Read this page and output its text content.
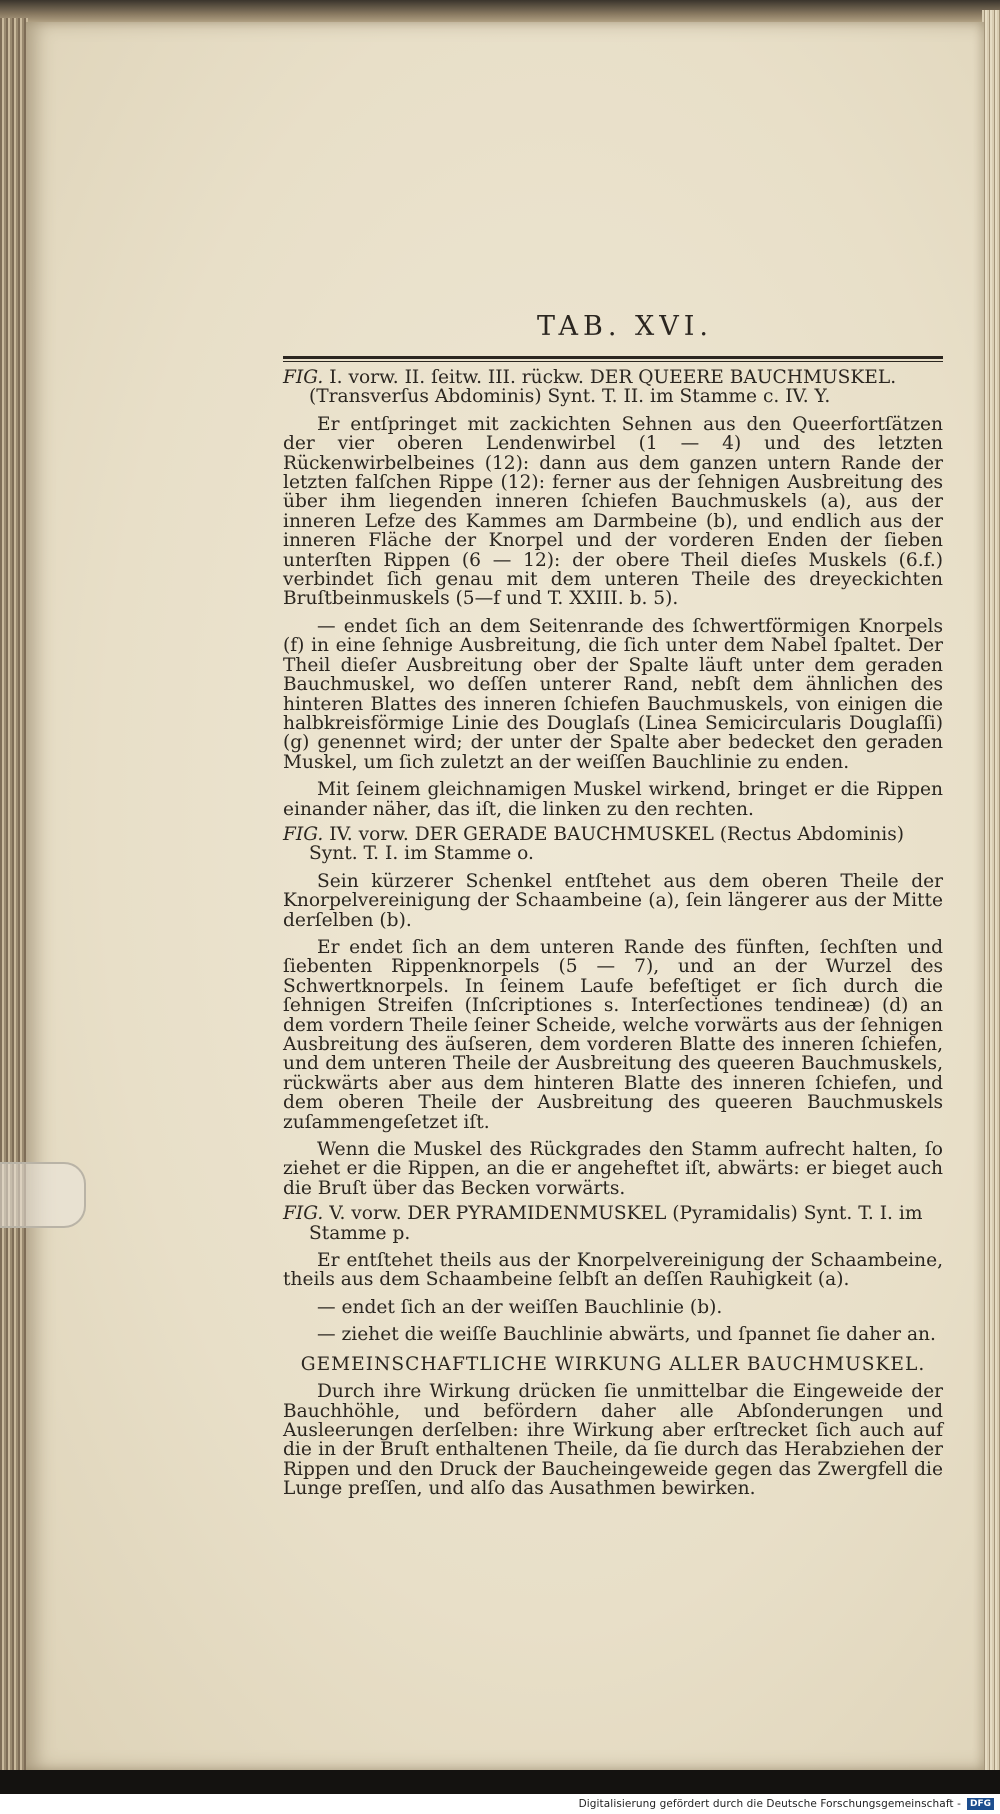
TAB. XVI.
FIG. I. vorw. II. ſeitw. III. rückw. DER QUEERE BAUCHMUSKEL.
(Transverſus Abdominis) Synt. T. II. im Stamme c. IV. Y.

Er entſpringet mit zackichten Sehnen aus den Queerfortſätzen der vier oberen Lendenwirbel (1 — 4) und des letzten Rückenwirbelbeines (12): dann aus dem ganzen untern Rande der letzten falſchen Rippe (12): ferner aus der ſehnigen Ausbreitung des über ihm liegenden inneren ſchiefen Bauchmuskels (a), aus der inneren Lefze des Kammes am Darmbeine (b), und endlich aus der inneren Fläche der Knorpel und der vorderen Enden der ſieben unterſten Rippen (6 — 12): der obere Theil dieſes Muskels (6.f.) verbindet ſich genau mit dem unteren Theile des dreyeckichten Bruſtbeinmuskels (5—f und T. XXIII. b. 5).

— endet ſich an dem Seitenrande des ſchwertförmigen Knorpels (f) in eine ſehnige Ausbreitung, die ſich unter dem Nabel ſpaltet. Der Theil dieſer Ausbreitung ober der Spalte läuft unter dem geraden Bauchmuskel, wo deſſen unterer Rand, nebſt dem ähnlichen des hinteren Blattes des inneren ſchiefen Bauchmuskels, von einigen die halbkreisförmige Linie des Douglaſs (Linea Semicircularis Douglaſſi) (g) genennet wird; der unter der Spalte aber bedecket den geraden Muskel, um ſich zuletzt an der weiſſen Bauchlinie zu enden.

Mit ſeinem gleichnamigen Muskel wirkend, bringet er die Rippen einander näher, das iſt, die linken zu den rechten.

FIG. IV. vorw. DER GERADE BAUCHMUSKEL (Rectus Abdominis)
Synt. T. I. im Stamme o.

Sein kürzerer Schenkel entſtehet aus dem oberen Theile der Knorpelvereinigung der Schaambeine (a), ſein längerer aus der Mitte derſelben (b).

Er endet ſich an dem unteren Rande des fünften, ſechſten und ſiebenten Rippenknorpels (5 — 7), und an der Wurzel des Schwertknorpels. In ſeinem Laufe befeſtiget er ſich durch die ſehnigen Streifen (Inſcriptiones s. Interſectiones tendineæ) (d) an dem vordern Theile ſeiner Scheide, welche vorwärts aus der ſehnigen Ausbreitung des äuſseren, dem vorderen Blatte des inneren ſchiefen, und dem unteren Theile der Ausbreitung des queeren Bauchmuskels, rückwärts aber aus dem hinteren Blatte des inneren ſchiefen, und dem oberen Theile der Ausbreitung des queeren Bauchmuskels zuſammengeſetzet iſt.

Wenn die Muskel des Rückgrades den Stamm aufrecht halten, ſo ziehet er die Rippen, an die er angeheftet iſt, abwärts: er bieget auch die Bruſt über das Becken vorwärts.

FIG. V. vorw. DER PYRAMIDENMUSKEL (Pyramidalis) Synt. T. I. im
Stamme p.

Er entſtehet theils aus der Knorpelvereinigung der Schaambeine, theils aus dem Schaambeine ſelbſt an deſſen Rauhigkeit (a).

— endet ſich an der weiſſen Bauchlinie (b).

— ziehet die weiſſe Bauchlinie abwärts, und ſpannet ſie daher an.

GEMEINSCHAFTLICHE WIRKUNG ALLER BAUCHMUSKEL.

Durch ihre Wirkung drücken ſie unmittelbar die Eingeweide der Bauchhöhle, und befördern daher alle Abſonderungen und Ausleerungen derſelben: ihre Wirkung aber erſtrecket ſich auch auf die in der Bruſt enthaltenen Theile, da ſie durch das Herabziehen der Rippen und den Druck der Baucheingeweide gegen das Zwergfell die Lunge preſſen, und alſo das Ausathmen bewirken.

Digitalisierung gefördert durch die Deutsche Forschungsgemeinschaft -	DFG
